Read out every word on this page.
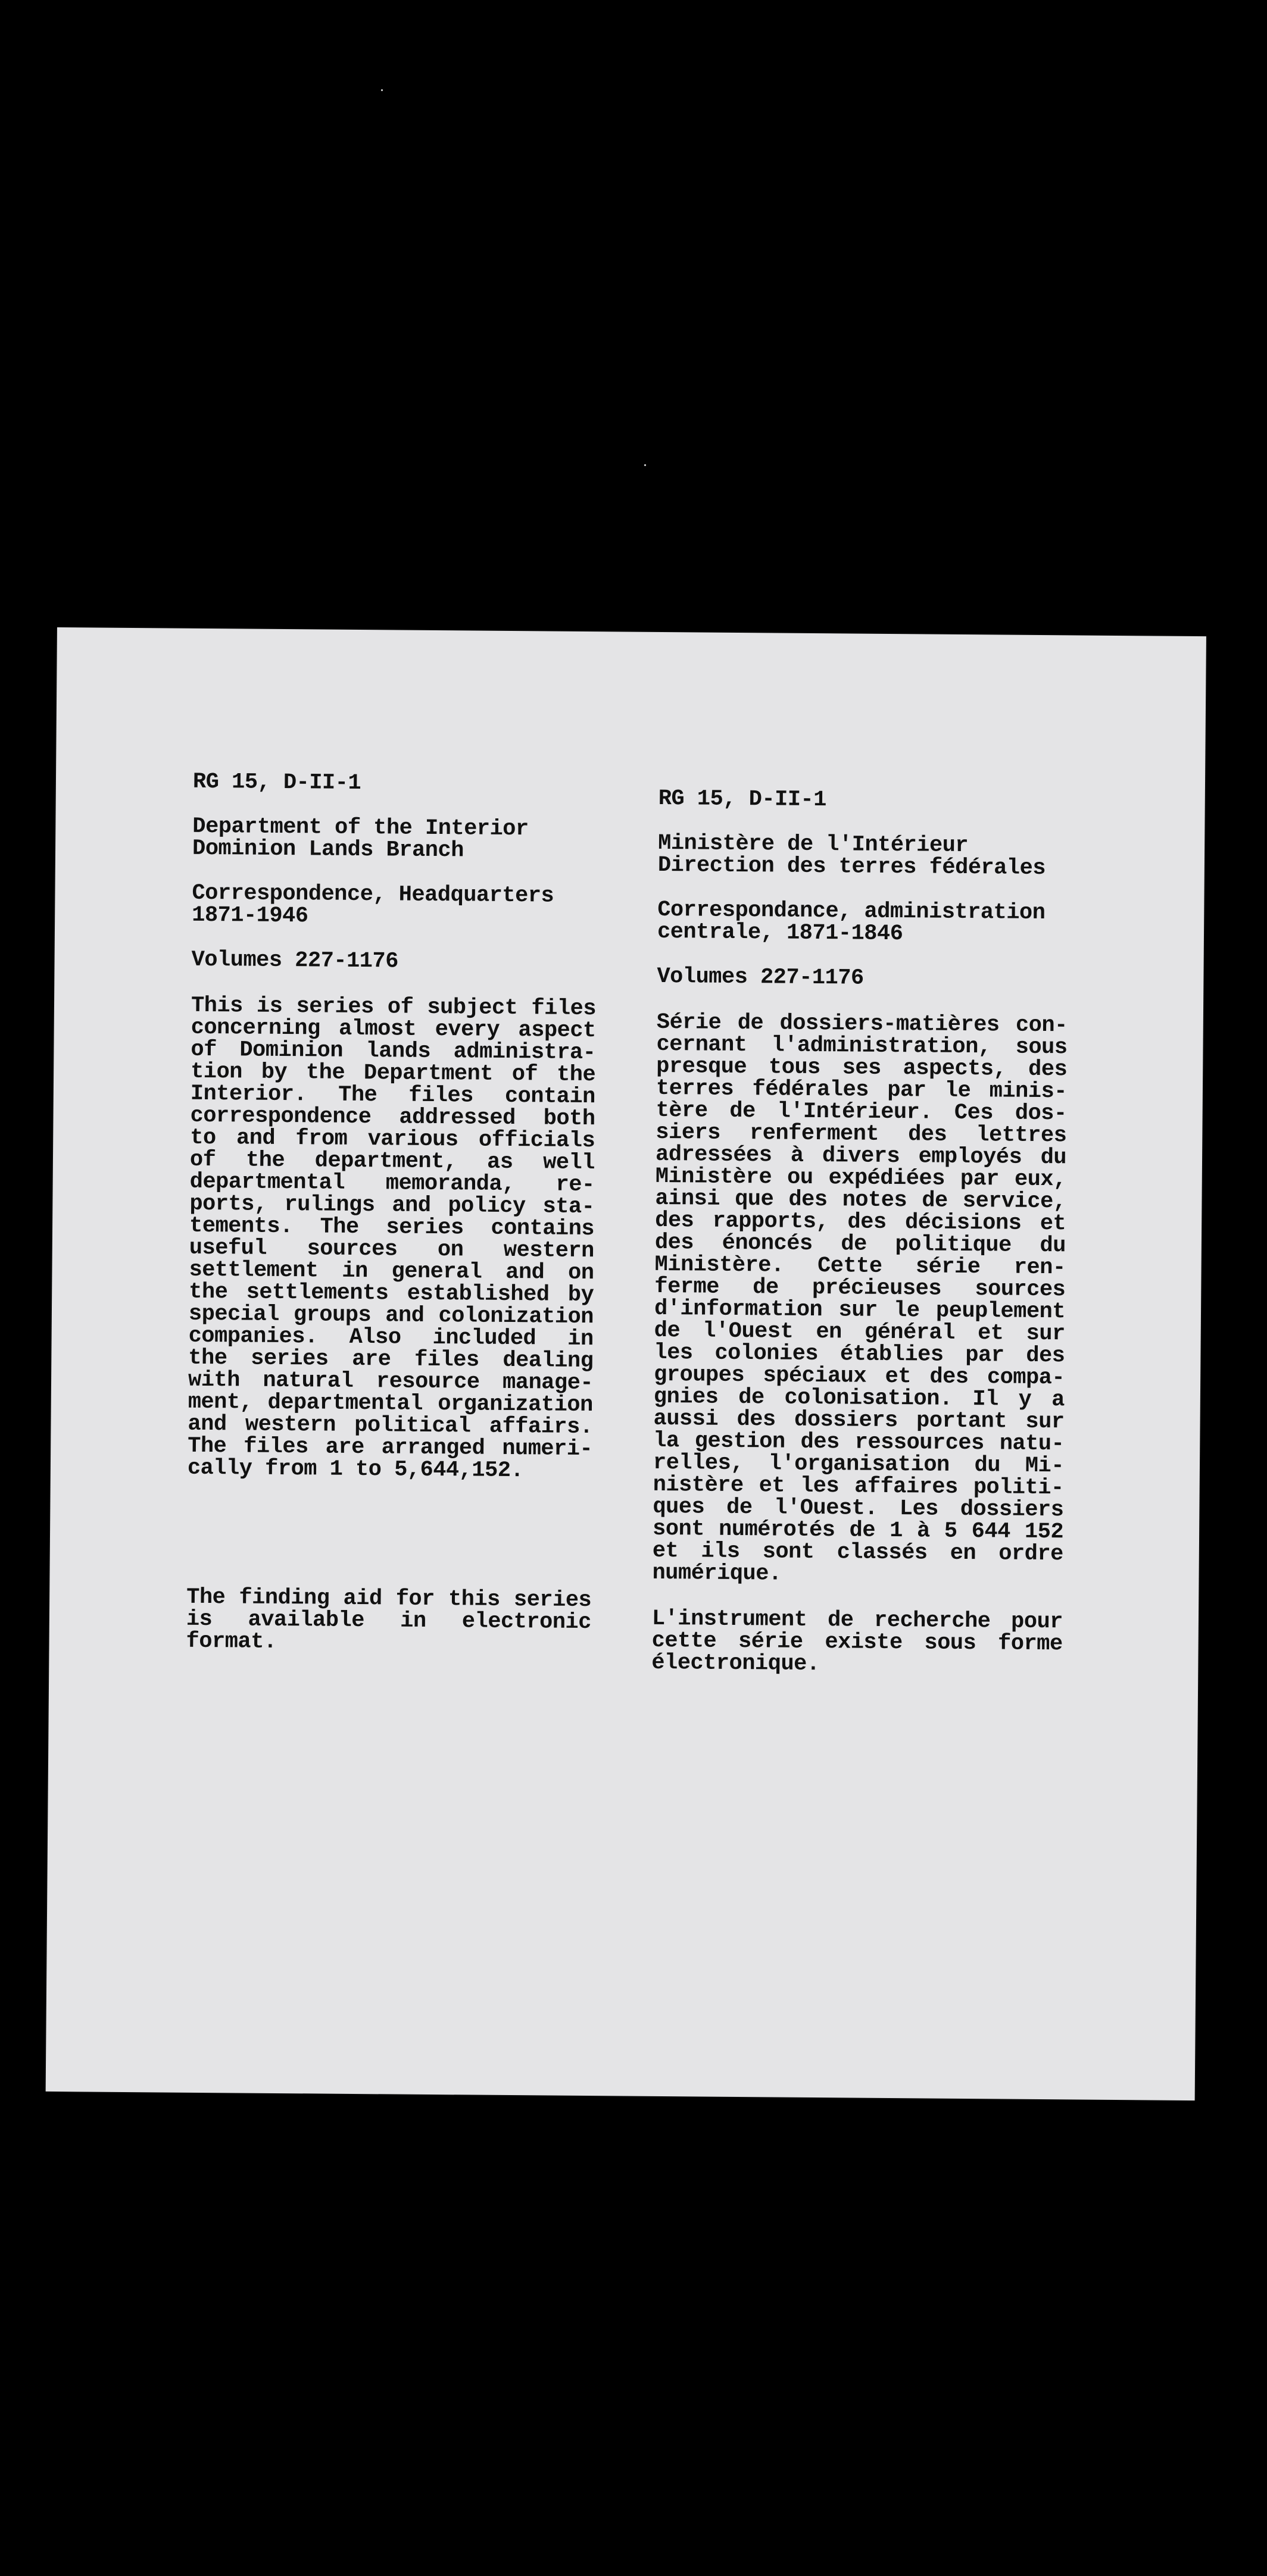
RG 15, D-II-1
Department of the Interior
Dominion Lands Branch
Correspondence, Headquarters
1871-1946
Volumes 227-1176
This is series of subject files
concerning almost every aspect
of Dominion lands administra-
tion by the Department of the
Interior. The files contain
correspondence addressed both
to and from various officials
of the department, as well
departmental memoranda, re-
ports, rulings and policy sta-
tements. The series contains
useful sources on western
settlement in general and on
the settlements established by
special groups and colonization
companies. Also included in
the series are files dealing
with natural resource manage-
ment, departmental organization
and western political affairs.
The files are arranged numeri-
cally from 1 to 5,644,152.
The finding aid for this series
is available in electronic
format.
RG 15, D-II-1
Ministère de l'Intérieur
Direction des terres fédérales
Correspondance, administration
centrale, 1871-1846
Volumes 227-1176
Série de dossiers-matières con-
cernant l'administration, sous
presque tous ses aspects, des
terres fédérales par le minis-
tère de l'Intérieur. Ces dos-
siers renferment des lettres
adressées à divers employés du
Ministère ou expédiées par eux,
ainsi que des notes de service,
des rapports, des décisions et
des énoncés de politique du
Ministère. Cette série ren-
ferme de précieuses sources
d'information sur le peuplement
de l'Ouest en général et sur
les colonies établies par des
groupes spéciaux et des compa-
gnies de colonisation. Il y a
aussi des dossiers portant sur
la gestion des ressources natu-
relles, l'organisation du Mi-
nistère et les affaires politi-
ques de l'Ouest. Les dossiers
sont numérotés de 1 à 5 644 152
et ils sont classés en ordre
numérique.
L'instrument de recherche pour
cette série existe sous forme
électronique.
